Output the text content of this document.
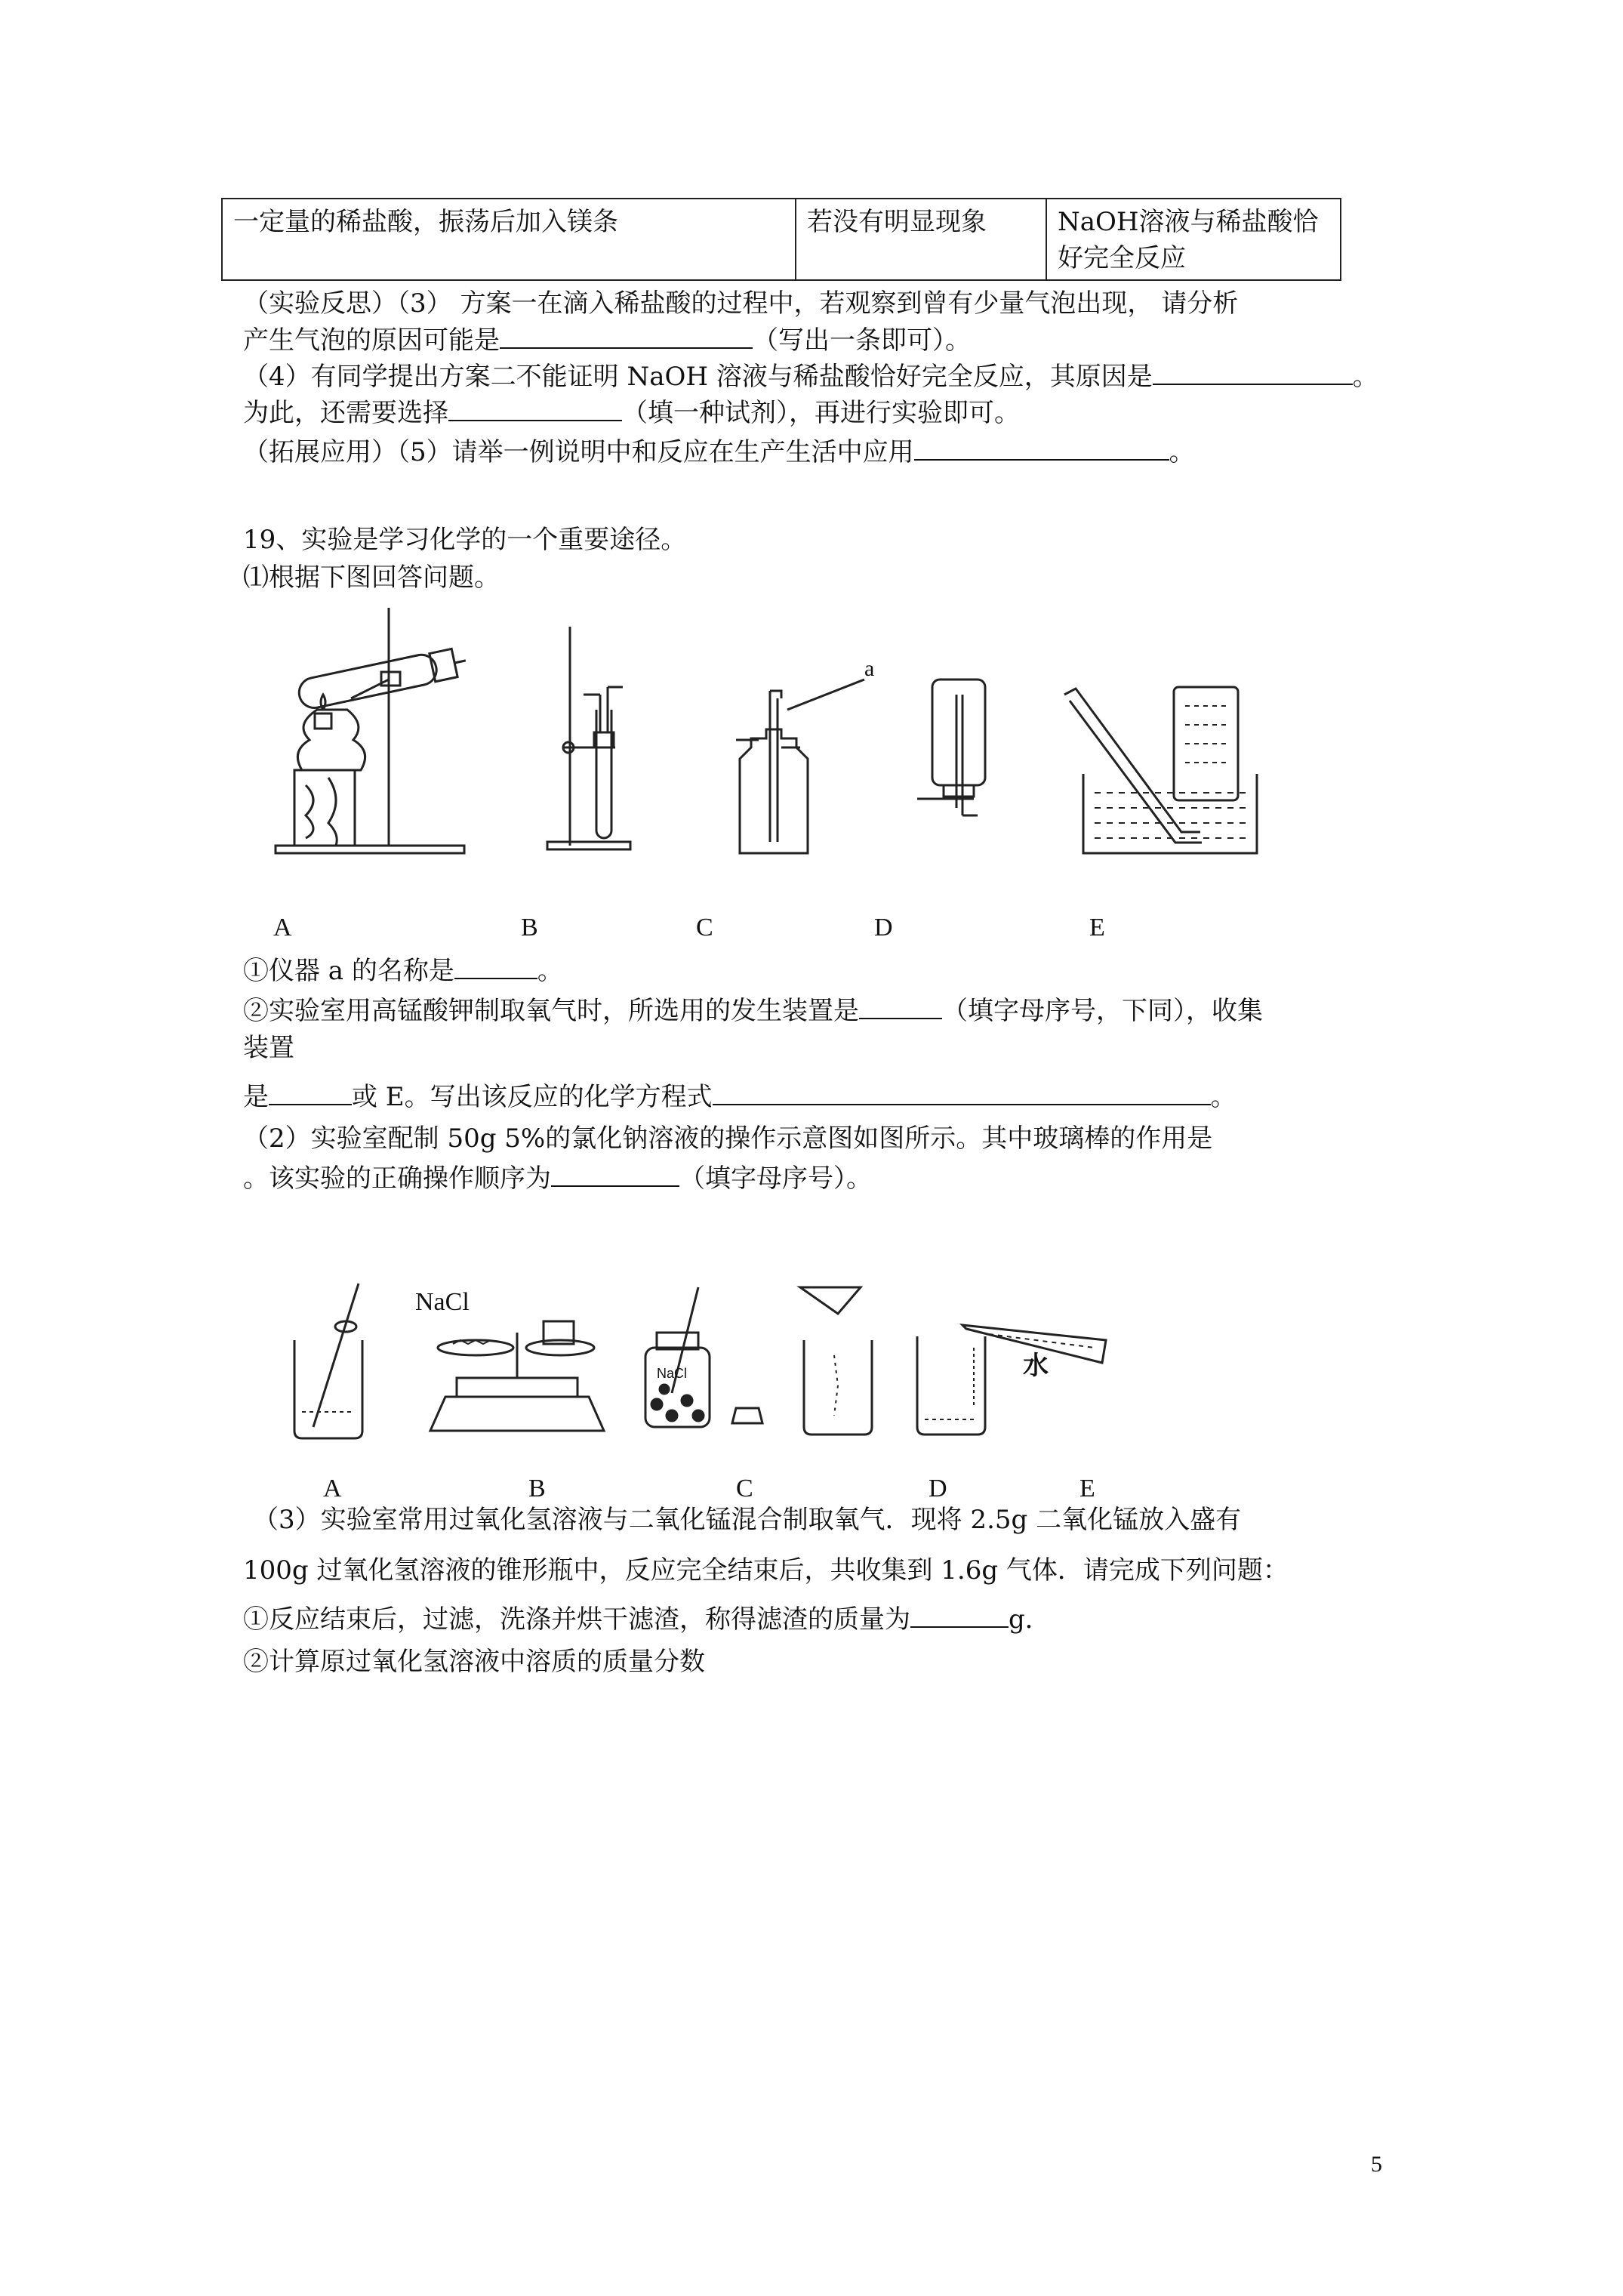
一定量的稀盐酸，振荡后加入镁条	若没有明显现象	NaOH溶液与稀盐酸恰
好完全反应
（实验反思）（3） 方案一在滴入稀盐酸的过程中，若观察到曾有少量气泡出现， 请分析
产生气泡的原因可能是	（写出一条即可）。
（4）有同学提出方案二不能证明 NaOH 溶液与稀盐酸恰好完全反应，其原因是	。
为此，还需要选择	（填一种试剂），再进行实验即可。
（拓展应用）（5）请举一例说明中和反应在生产生活中应用	。
19、实验是学习化学的一个重要途径。
⑴根据下图回答问题。
a
A	B	C	D	E
①仪器 a 的名称是	。
②实验室用高锰酸钾制取氧气时，所选用的发生装置是	（填字母序号，下同），收集
装置
是	或 E。写出该反应的化学方程式	。
（2）实验室配制 50g 5%的氯化钠溶液的操作示意图如图所示。其中玻璃棒的作用是
。该实验的正确操作顺序为	（填字母序号）。
NaCl
NaCl	水
A	B	C	D	E
（3）实验室常用过氧化氢溶液与二氧化锰混合制取氧气．现将 2.5g 二氧化锰放入盛有
100g 过氧化氢溶液的锥形瓶中，反应完全结束后，共收集到 1.6g 气体．请完成下列问题：
①反应结束后，过滤，洗涤并烘干滤渣，称得滤渣的质量为	g．
②计算原过氧化氢溶液中溶质的质量分数
5
